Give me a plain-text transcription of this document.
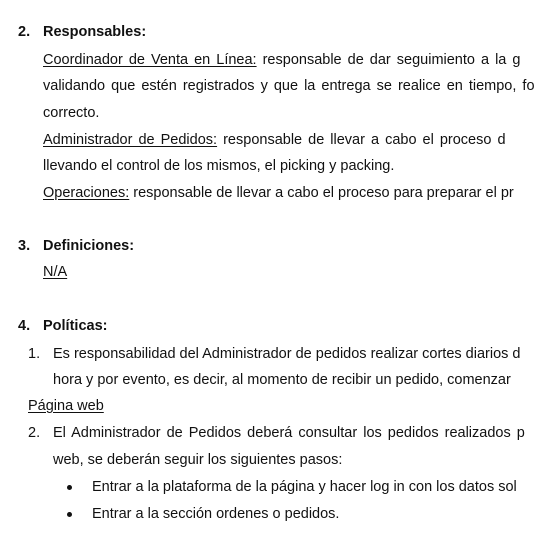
2. Responsables:
Coordinador de Venta en Línea: responsable de dar seguimiento a la g
validando que estén registrados y que la entrega se realice en tiempo, fo
correcto.
Administrador de Pedidos: responsable de llevar a cabo el proceso d
llevando el control de los mismos, el picking y packing.
Operaciones: responsable de llevar a cabo el proceso para preparar el pr
3. Definiciones:
N/A
4. Políticas:
1. Es responsabilidad del Administrador de pedidos realizar cortes diarios d
hora y por evento, es decir, al momento de recibir un pedido, comenzar
Página web
2. El Administrador de Pedidos deberá consultar los pedidos realizados p
web, se deberán seguir los siguientes pasos:
Entrar a la plataforma de la página y hacer log in con los datos sol
Entrar a la sección ordenes o pedidos.
